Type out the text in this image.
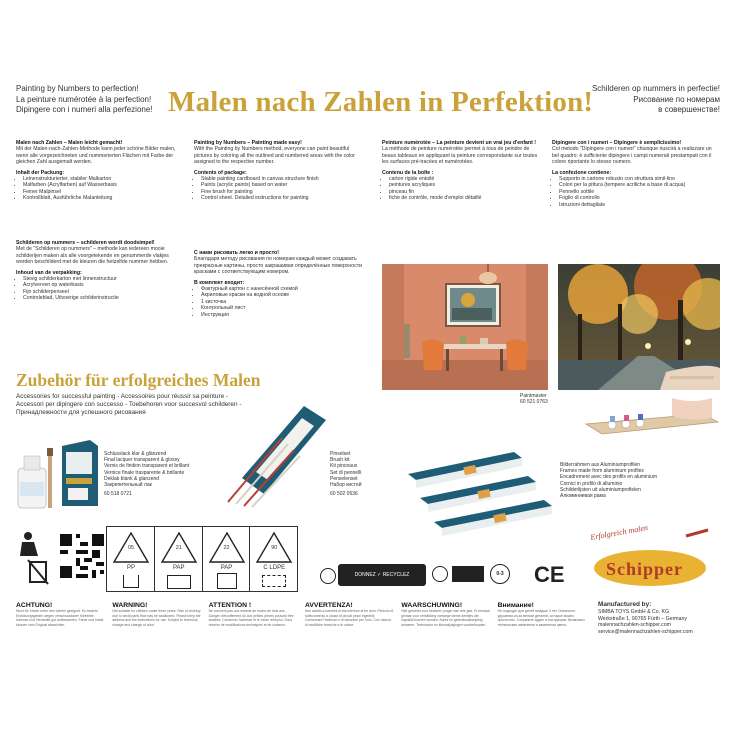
Painting by Numbers to perfection!
La peinture numérotée à la perfection!
Dipingere con i numeri alla perfezione! Malen nach Zahlen in Perfektion!
Schilderen op nummers in perfectie!
Рисование по номерам
в совершенстве!
Malen nach Zahlen – Malen leicht gemacht!
Mit der Malen-nach-Zahlen-Methode kann jeder schöne Bilder malen, wenn alle vorgezeichneten und nummerierten Flächen mit Farbe der gleichen Zahl ausgemalt werden.
Inhalt der Packung:
• Leinenstrukturierter, stabiler Malkarton
• Malfarben (Acrylfarben) auf Wasserbasis
• Feiner Malpinsel
• Kontrollblatt, Ausführliche Malanleitung
Schilderen op nummers – schilderen wordt doodsimpel!
Met de "Schilderen op nummers" – methode kan iedereen mooie schilderijen maken als alle voorgetekende en genummerde vlakjes worden beschilderd met de kleuren die hetzelfde nummer hebben.
Inhoud van de verpakking:
• Stevig schilderkarton met linnenstructuur
• Acrylverven op waterbasis
• Fijn schilderpenseel
• Controleblad, Uitvoerige schilderinstructie
Painting by Numbers – Painting made easy!
With the Painting by Numbers method, everyone can paint beautiful pictures by coloring all the outlined and numbered areas with the color assigned to the respective number.
Contents of package:
• Stable painting cardboard in canvas structure finish
• Paints (acrylic paints) based on water
• Fine brush for painting
• Control sheet. Detailed instructions for painting
С нами рисовать легко и просто!
Благодаря методу рисования по номерам каждый может создавать прекрасные картины, просто закрашивая определённые поверхности красками с соответствующим номером.
В комплект входит:
• Фактурный картон с нанесённой схемой
• Акриловые краски на водной основе
• 1 кисточка
• Контрольный лист
• Инструкция
Peinture numérotée – La peinture devient un vrai jeu d'enfant !
La méthode de peinture numérotée permet à tous de peindre de beaux tableaux en appliquant la peinture correspondante sur toutes les surfaces pré-tracées et numérotées.
Contenu de la boîte :
• carton rigide entoilé
• peintures acryliques
• pinceau fin
• fiche de contrôle, mode d'emploi détaillé
Dipingere con i numeri – Dipingere è semplicissimo!
Col metodo "Dipingere con i numeri" chiunque riuscirà a realizzare un bel quadro: è sufficiente dipingere i campi numerati prestampati con il colore riportante lo stesso numero.
La confezione contiene:
• Supporto in cartone robusto con struttura simil-lino
• Colori per la pittura (tempere acriliche a base di acqua)
• Pennello sottile
• Foglio di controllo
• Istruzioni dettagliate
Paintmaster
60 521 0763
Zubehör für erfolgreiches Malen
Accessories for successful painting - Accessoires pour réussir sa peinture -
Accessori per dipingere con successo - Toebehoren voor succesvol schilderen -
Принадлежности для успешного рисования
Schlusslack klar & glänzend
Final lacquer transparent & glossy
Vernis de finition transparent et brillant
Vernice finale trasparente & brillante
Deklak blank & glanzend
Закрепительный лак
60 518 0721
Pinselset
Brush kit
Kit pinceaux
Set di pennelli
Penselenset
Набор кистей
60 502 0536
Bilderrahmen aus Aluminiumprofilen
Frames made from aluminium profiles
Encadrement avec des profils en aluminium
Cornici in profilo di alluminio
Schilderlijsten uit aluminiumprofielen
Алюминиевая рама
05
PP
21
PAP
22
PAP
90
C LDPE
DONNEZ ✓ RECYCLEZ	0-3 CE
Erfolgreich malen
Schipper
ACHTUNG!
Nicht für Kinder unter drei Jahren geeignet. Es besteht Erstickungsgefahr wegen verschluckbarer Kleinteile. Adresse und Hersteller gut aufbewahren. Farbe und Inhalt können vom Original abweichen.
WARNING!
Not suitable for children under three years. Risk of choking due to small parts that may be swallowed. Please keep the address and the instructions for use. Subject to technical change and change of color.
ATTENTION !
Ne convient pas aux enfants de moins de trois ans. Danger d'étouffement dû aux petites pièces pouvant être avalées. Conserver l'adresse et le mode d'emploi. Sous réserve de modifications techniques et de couleurs.
AVVERTENZA!
Non adatto a bambini di età inferiore ai tre anni. Pericolo di soffocamento a causa di piccoli pezzi ingeribili. Conservare l'indirizzo e le istruzioni per l'uso. Con riserva di modifiche tecniche e di colore.
WAARSCHUWING!
Niet geschikt voor kinderen jonger dan drie jaar. Er bestaat gevaar voor verstikking vanwege kleine deeltjes die ingeslikt kunnen worden. Adres en gebruiksaanwijzing bewaren. Technische en kleurwijzigingen voorbehouden.
Внимание!
Не подходит для детей младше 3 лет. Опасность удушения из-за мелких деталей, которые можно проглотить. Сохраните адрес и инструкцию. Возможны технические изменения и изменения цвета.
Manufactured by:
SIMBA TOYS GmbH & Co. KG
Werkstraße 1, 90765 Fürth – Germany
malennachzahlen-schipper.com
service@malennachzahlen-schipper.com
